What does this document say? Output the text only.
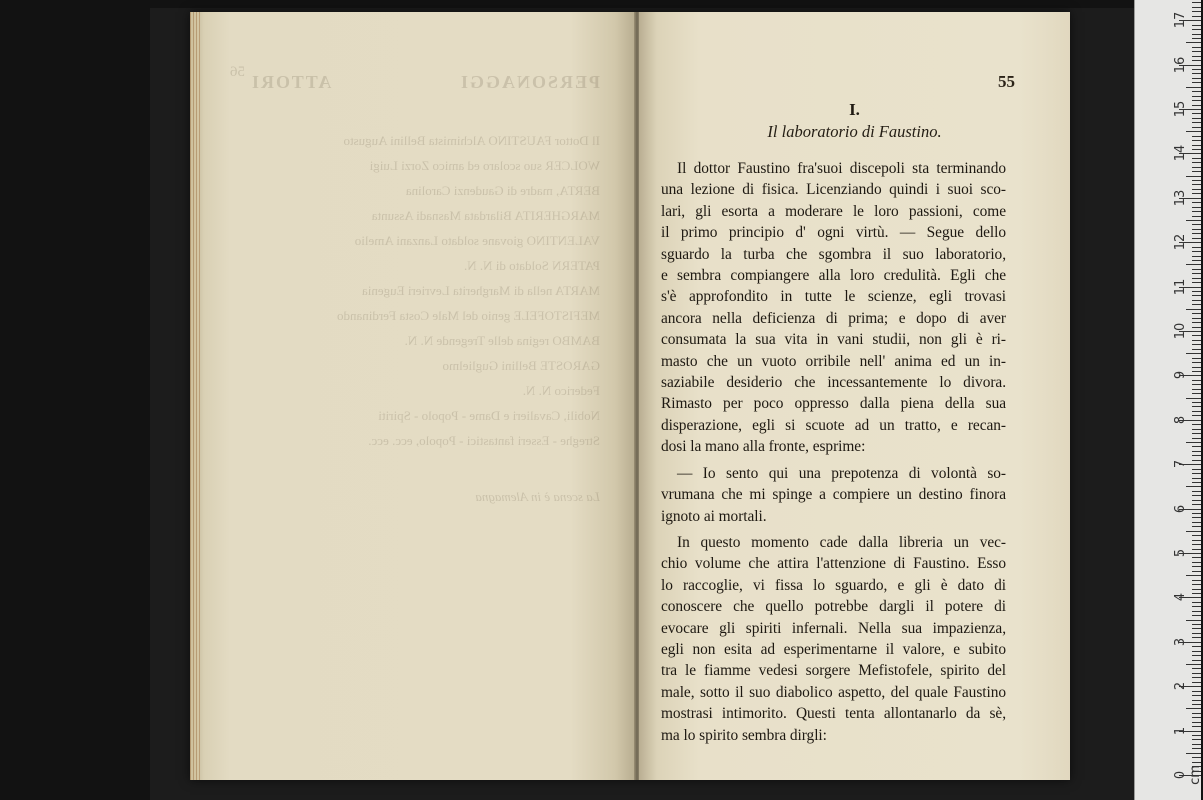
56	PERSONAGGI
ATTORI
Il Dottor FAUSTINO Alchimista Bellini Augusto
WOLCER suo scolaro ed amico Zorzi Luigi
BERTA, madre di Gaudenzi Carolina
MARGHERITA Bilardata Masnadi Assunta
VALENTINO giovane soldato Lanzani Amelio
PATERN Soldato di N. N.
MARTA nella di Margherita Levrieri Eugenia
MEFISTOFELE genio del Male Costa Ferdinando
BAMBO regina delle Tregende N. N.
GAROSTE Bellini Guglielmo
Federico N. N.
Nobili, Cavalieri e Dame - Popolo - Spiriti
Streghe - Esseri fantastici - Popolo, ecc. ecc.
La scena è in Alemagna
55
I.
Il laboratorio di Faustino.
Il dottor Faustino fra'suoi discepoli sta terminando
una lezione di fisica. Licenziando quindi i suoi sco-
lari, gli esorta a moderare le loro passioni, come
il primo principio d' ogni virtù. — Segue dello
sguardo la turba che sgombra il suo laboratorio,
e sembra compiangere alla loro credulità. Egli che
s'è approfondito in tutte le scienze, egli trovasi
ancora nella deficienza di prima; e dopo di aver
consumata la sua vita in vani studii, non gli è ri-
masto che un vuoto orribile nell' anima ed un in-
saziabile desiderio che incessantemente lo divora.
Rimasto per poco oppresso dalla piena della sua
disperazione, egli si scuote ad un tratto, e recan-
dosi la mano alla fronte, esprime:
— Io sento qui una prepotenza di volontà so-
vrumana che mi spinge a compiere un destino finora
ignoto ai mortali.
In questo momento cade dalla libreria un vec-
chio volume che attira l'attenzione di Faustino. Esso
lo raccoglie, vi fissa lo sguardo, e gli è dato di
conoscere che quello potrebbe dargli il potere di
evocare gli spiriti infernali. Nella sua impazienza,
egli non esita ad esperimentarne il valore, e subito
tra le fiamme vedesi sorgere Mefistofele, spirito del
male, sotto il suo diabolico aspetto, del quale Faustino
mostrasi intimorito. Questi tenta allontanarlo da sè,
ma lo spirito sembra dirgli:
0 cm
1
2
3
4
5
6
7
8
9
10
11
12
13
14
15
16
17
